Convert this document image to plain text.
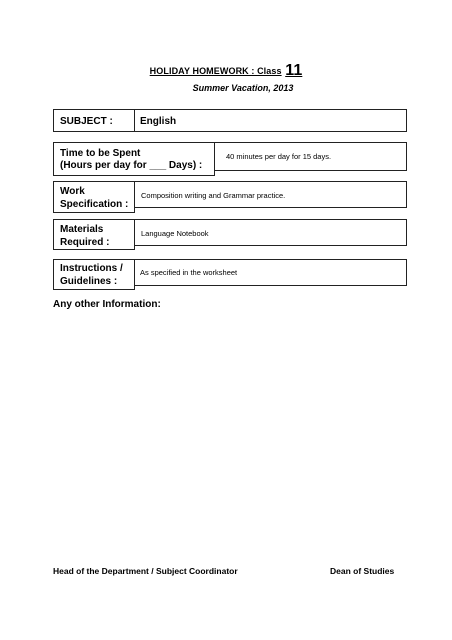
HOLIDAY HOMEWORK : Class 11
Summer Vacation, 2013
SUBJECT :	English
Time to be Spent
(Hours per day for ___ Days) :
40 minutes per day for 15 days.
Work
Specification :
Composition writing and Grammar practice.
Materials
Required :
Language Notebook
Instructions /
Guidelines :
As specified in the worksheet
Any other Information:
Head of the Department / Subject Coordinator	Dean of Studies
